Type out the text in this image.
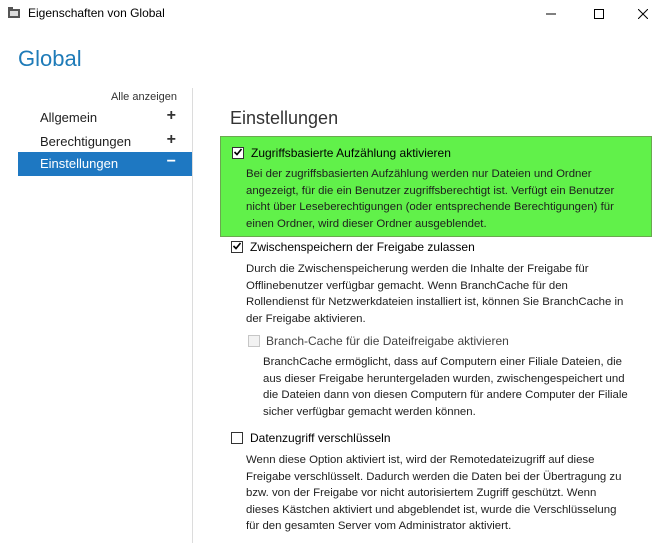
Eigenschaften von Global
Global
Alle anzeigen
Allgemein	+
Berechtigungen +
Einstellungen	−
Einstellungen
Zugriffsbasierte Aufzählung aktivieren
Bei der zugriffsbasierten Aufzählung werden nur Dateien und Ordner
angezeigt, für die ein Benutzer zugriffsberechtigt ist. Verfügt ein Benutzer
nicht über Leseberechtigungen (oder entsprechende Berechtigungen) für
einen Ordner, wird dieser Ordner ausgeblendet.
Zwischenspeichern der Freigabe zulassen
Durch die Zwischenspeicherung werden die Inhalte der Freigabe für
Offlinebenutzer verfügbar gemacht. Wenn BranchCache für den
Rollendienst für Netzwerkdateien installiert ist, können Sie BranchCache in
der Freigabe aktivieren.
Branch-Cache für die Dateifreigabe aktivieren
BranchCache ermöglicht, dass auf Computern einer Filiale Dateien, die
aus dieser Freigabe heruntergeladen wurden, zwischengespeichert und
die Dateien dann von diesen Computern für andere Computer der Filiale
sicher verfügbar gemacht werden können.
Datenzugriff verschlüsseln
Wenn diese Option aktiviert ist, wird der Remotedateizugriff auf diese
Freigabe verschlüsselt. Dadurch werden die Daten bei der Übertragung zu
bzw. von der Freigabe vor nicht autorisiertem Zugriff geschützt. Wenn
dieses Kästchen aktiviert und abgeblendet ist, wurde die Verschlüsselung
für den gesamten Server vom Administrator aktiviert.
